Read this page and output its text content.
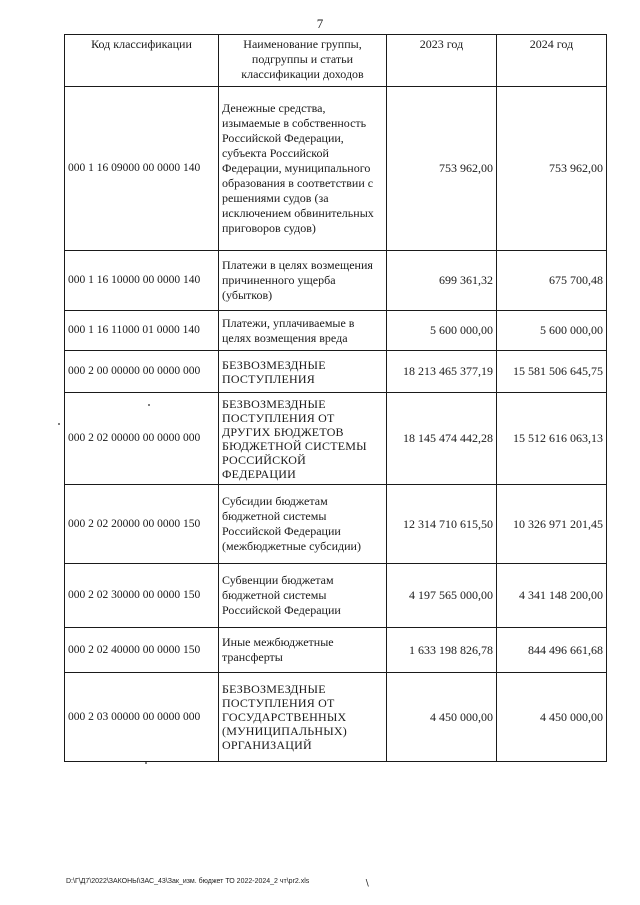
7
Код классификации	Наименование группы, подгруппы и статьи классификации доходов	2023 год	2024 год
000 1 16 09000 00 0000 140	Денежные средства, изымаемые в собственность Российской Федерации, субъекта Российской Федерации, муниципального образования в соответствии с решениями судов (за исключением обвинительных приговоров судов)	753 962,00	753 962,00
000 1 16 10000 00 0000 140	Платежи в целях возмещения причиненного ущерба (убытков)	699 361,32	675 700,48
000 1 16 11000 01 0000 140	Платежи, уплачиваемые в целях возмещения вреда	5 600 000,00	5 600 000,00
000 2 00 00000 00 0000 000	БЕЗВОЗМЕЗДНЫЕ ПОСТУПЛЕНИЯ	18 213 465 377,19	15 581 506 645,75
000 2 02 00000 00 0000 000	БЕЗВОЗМЕЗДНЫЕ ПОСТУПЛЕНИЯ ОТ ДРУГИХ БЮДЖЕТОВ БЮДЖЕТНОЙ СИСТЕМЫ РОССИЙСКОЙ ФЕДЕРАЦИИ	18 145 474 442,28	15 512 616 063,13
000 2 02 20000 00 0000 150	Субсидии бюджетам бюджетной системы Российской Федерации (межбюджетные субсидии)	12 314 710 615,50	10 326 971 201,45
000 2 02 30000 00 0000 150	Субвенции бюджетам бюджетной системы Российской Федерации	4 197 565 000,00	4 341 148 200,00
000 2 02 40000 00 0000 150	Иные межбюджетные трансферты	1 633 198 826,78	844 496 661,68
000 2 03 00000 00 0000 000	БЕЗВОЗМЕЗДНЫЕ ПОСТУПЛЕНИЯ ОТ ГОСУДАРСТВЕННЫХ (МУНИЦИПАЛЬНЫХ) ОРГАНИЗАЦИЙ	4 450 000,00	4 450 000,00
D:\Г\Д7\2022\ЗАКОНЫ\ЗАС_43\Зак_изм. бюджет ТО 2022-2024_2 чт\pr2.xls	∖
